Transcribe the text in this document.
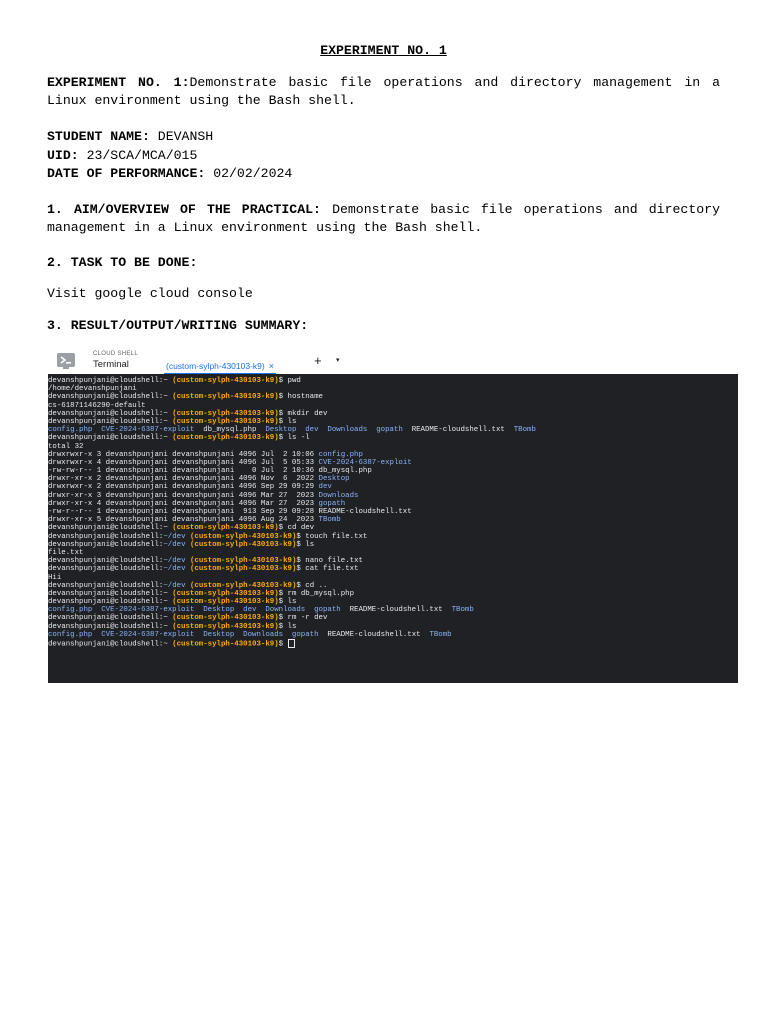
EXPERIMENT NO. 1
EXPERIMENT NO. 1:Demonstrate basic file operations and directory management in a Linux environment using the Bash shell.
STUDENT NAME: DEVANSH
UID: 23/SCA/MCA/015
DATE OF PERFORMANCE: 02/02/2024
1. AIM/OVERVIEW OF THE PRACTICAL: Demonstrate basic file operations and directory management in a Linux environment using the Bash shell.
2. TASK TO BE DONE:
Visit google cloud console
3. RESULT/OUTPUT/WRITING SUMMARY:
CLOUD SHELL
Terminal	(custom-sylph-430103-k9) ×	+ ▾
devanshpunjani@cloudshell:~ (custom-sylph-430103-k9)$ pwd
/home/devanshpunjani
devanshpunjani@cloudshell:~ (custom-sylph-430103-k9)$ hostname
cs-61871146290-default
devanshpunjani@cloudshell:~ (custom-sylph-430103-k9)$ mkdir dev
devanshpunjani@cloudshell:~ (custom-sylph-430103-k9)$ ls
config.php  CVE-2024-6387-exploit  db_mysql.php  Desktop  dev  Downloads  gopath  README-cloudshell.txt  TBomb
devanshpunjani@cloudshell:~ (custom-sylph-430103-k9)$ ls -l
total 32
drwxrwxr-x 3 devanshpunjani devanshpunjani 4096 Jul  2 10:06 config.php
drwxrwxr-x 4 devanshpunjani devanshpunjani 4096 Jul  5 05:33 CVE-2024-6387-exploit
-rw-rw-r-- 1 devanshpunjani devanshpunjani    0 Jul  2 10:36 db_mysql.php
drwxr-xr-x 2 devanshpunjani devanshpunjani 4096 Nov  6  2022 Desktop
drwxrwxr-x 2 devanshpunjani devanshpunjani 4096 Sep 29 09:29 dev
drwxr-xr-x 3 devanshpunjani devanshpunjani 4096 Mar 27  2023 Downloads
drwxr-xr-x 4 devanshpunjani devanshpunjani 4096 Mar 27  2023 gopath
-rw-r--r-- 1 devanshpunjani devanshpunjani  913 Sep 29 09:28 README-cloudshell.txt
drwxr-xr-x 5 devanshpunjani devanshpunjani 4096 Aug 24  2023 TBomb
devanshpunjani@cloudshell:~ (custom-sylph-430103-k9)$ cd dev
devanshpunjani@cloudshell:~/dev (custom-sylph-430103-k9)$ touch file.txt
devanshpunjani@cloudshell:~/dev (custom-sylph-430103-k9)$ ls
file.txt
devanshpunjani@cloudshell:~/dev (custom-sylph-430103-k9)$ nano file.txt
devanshpunjani@cloudshell:~/dev (custom-sylph-430103-k9)$ cat file.txt
Hii
devanshpunjani@cloudshell:~/dev (custom-sylph-430103-k9)$ cd ..
devanshpunjani@cloudshell:~ (custom-sylph-430103-k9)$ rm db_mysql.php
devanshpunjani@cloudshell:~ (custom-sylph-430103-k9)$ ls
config.php  CVE-2024-6387-exploit  Desktop  dev  Downloads  gopath  README-cloudshell.txt  TBomb
devanshpunjani@cloudshell:~ (custom-sylph-430103-k9)$ rm -r dev
devanshpunjani@cloudshell:~ (custom-sylph-430103-k9)$ ls
config.php  CVE-2024-6387-exploit  Desktop  Downloads  gopath  README-cloudshell.txt  TBomb
devanshpunjani@cloudshell:~ (custom-sylph-430103-k9)$
